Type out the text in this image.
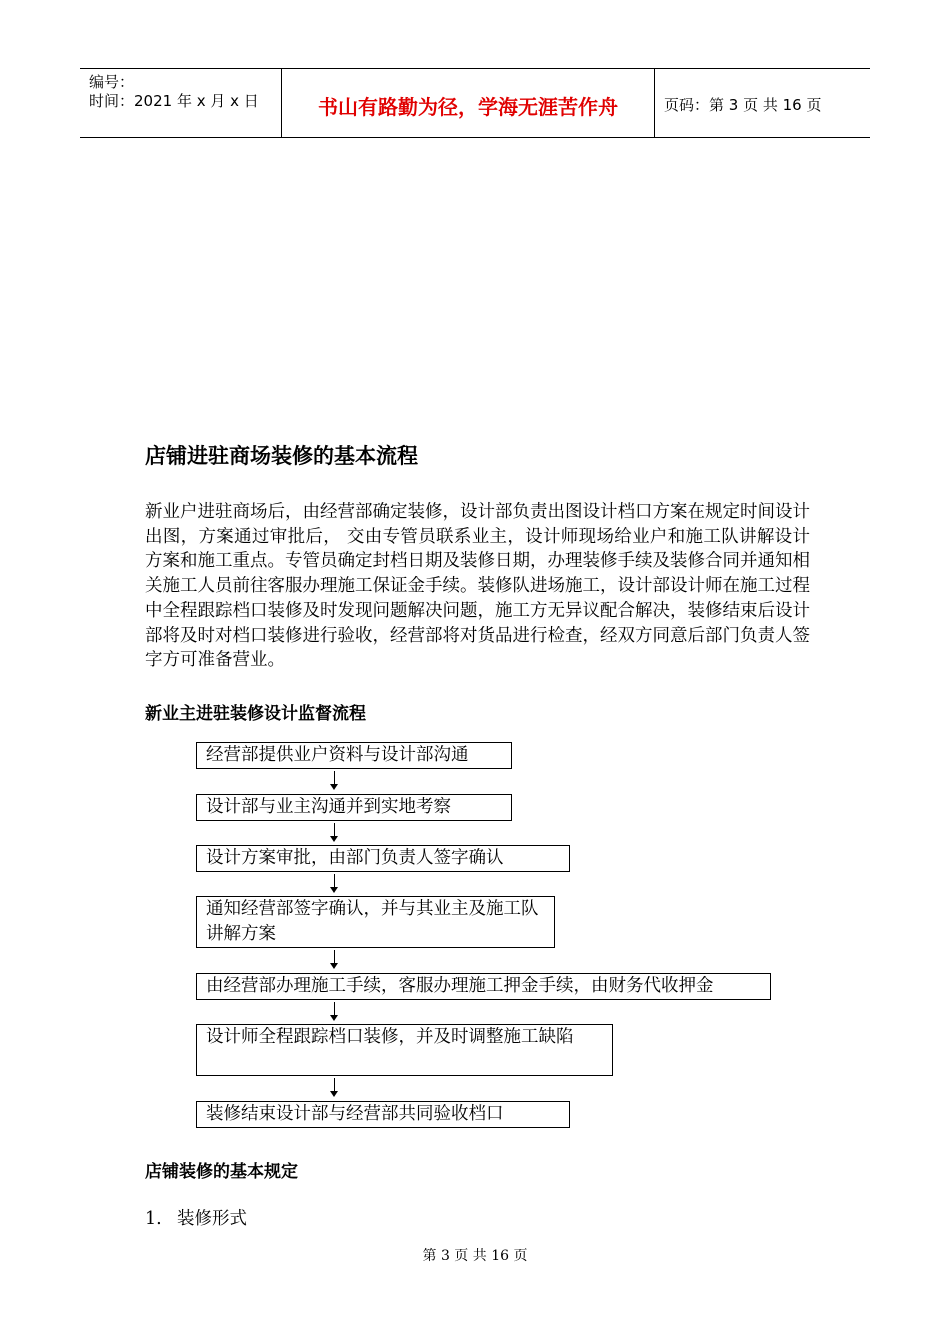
编号：
时间：2021 年 x 月 x 日	书山有路勤为径，学海无涯苦作舟	页码：第 3 页 共 16 页
店铺进驻商场装修的基本流程
新业户进驻商场后，由经营部确定装修，设计部负责出图设计档口方案在规定时间设计出图，方案通过审批后， 交由专管员联系业主，设计师现场给业户和施工队讲解设计方案和施工重点。专管员确定封档日期及装修日期，办理装修手续及装修合同并通知相关施工人员前往客服办理施工保证金手续。装修队进场施工，设计部设计师在施工过程中全程跟踪档口装修及时发现问题解决问题，施工方无异议配合解决，装修结束后设计部将及时对档口装修进行验收，经营部将对货品进行检查，经双方同意后部门负责人签字方可准备营业。
新业主进驻装修设计监督流程
经营部提供业户资料与设计部沟通
设计部与业主沟通并到实地考察
设计方案审批，由部门负责人签字确认
通知经营部签字确认，并与其业主及施工队讲解方案
由经营部办理施工手续，客服办理施工押金手续，由财务代收押金
设计师全程跟踪档口装修，并及时调整施工缺陷
装修结束设计部与经营部共同验收档口
店铺装修的基本规定
1. 装修形式
第 3 页 共 16 页
